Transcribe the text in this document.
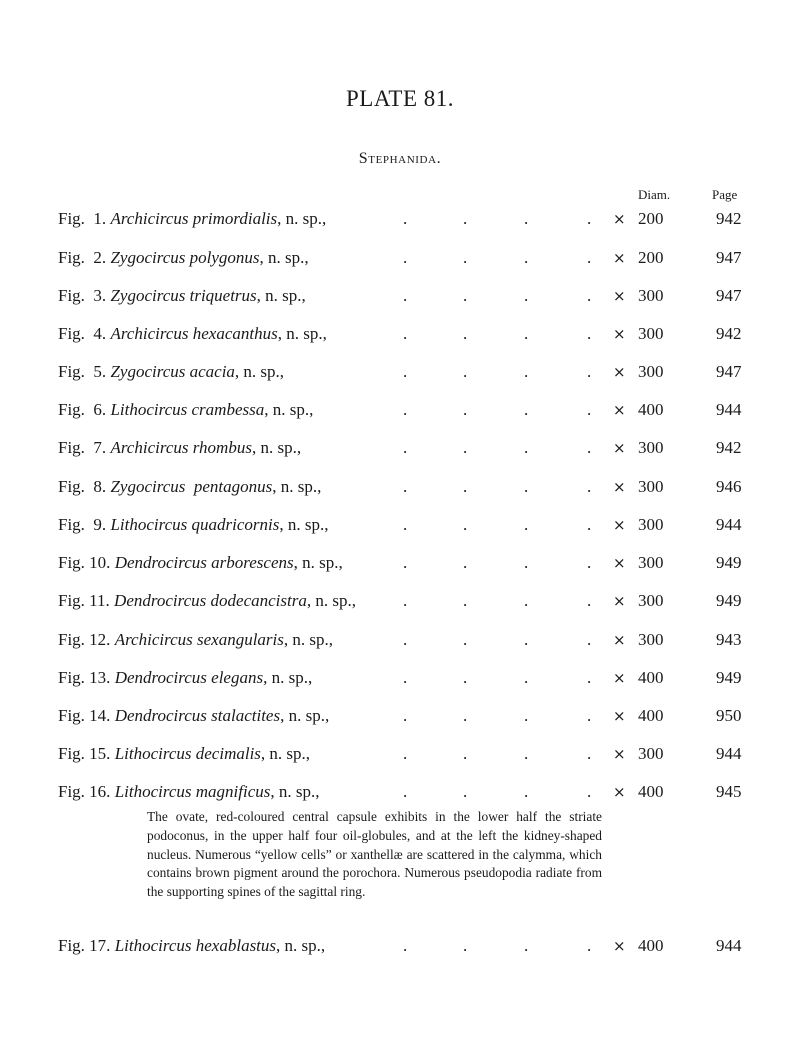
PLATE 81.
Stephanida.
Diam.	Page
Fig.  1. Archicircus primordialis, n. sp.,	.	.	.	. × 200	942
Fig.  2. Zygocircus polygonus, n. sp.,	.	.	.	. × 200	947
Fig.  3. Zygocircus triquetrus, n. sp.,	.	.	.	. × 300	947
Fig.  4. Archicircus hexacanthus, n. sp.,	.	.	.	. × 300	942
Fig.  5. Zygocircus acacia, n. sp.,	.	.	.	. × 300	947
Fig.  6. Lithocircus crambessa, n. sp.,	.	.	.	. × 400	944
Fig.  7. Archicircus rhombus, n. sp.,	.	.	.	. × 300	942
Fig.  8. Zygocircus  pentagonus, n. sp.,	.	.	.	. × 300	946
Fig.  9. Lithocircus quadricornis, n. sp.,	.	.	.	. × 300	944
Fig. 10. Dendrocircus arborescens, n. sp.,	.	.	.	. × 300	949
Fig. 11. Dendrocircus dodecancistra, n. sp.,	.	.	.	. × 300	949
Fig. 12. Archicircus sexangularis, n. sp.,	.	.	.	. × 300	943
Fig. 13. Dendrocircus elegans, n. sp.,	.	.	.	. × 400	949
Fig. 14. Dendrocircus stalactites, n. sp.,	.	.	.	. × 400	950
Fig. 15. Lithocircus decimalis, n. sp.,	.	.	.	. × 300	944
Fig. 16. Lithocircus magnificus, n. sp.,	.	.	.	. × 400	945
Fig. 17. Lithocircus hexablastus, n. sp.,	.	.	.	. × 400	944
The ovate, red-coloured central capsule exhibits in the lower half the striate podoconus, in the upper half four oil-globules, and at the left the kidney-shaped nucleus. Numerous “yellow cells” or xanthellæ are scattered in the calymma, which contains brown pigment around the porochora. Numerous pseudopodia radiate from the supporting spines of the sagittal ring.
